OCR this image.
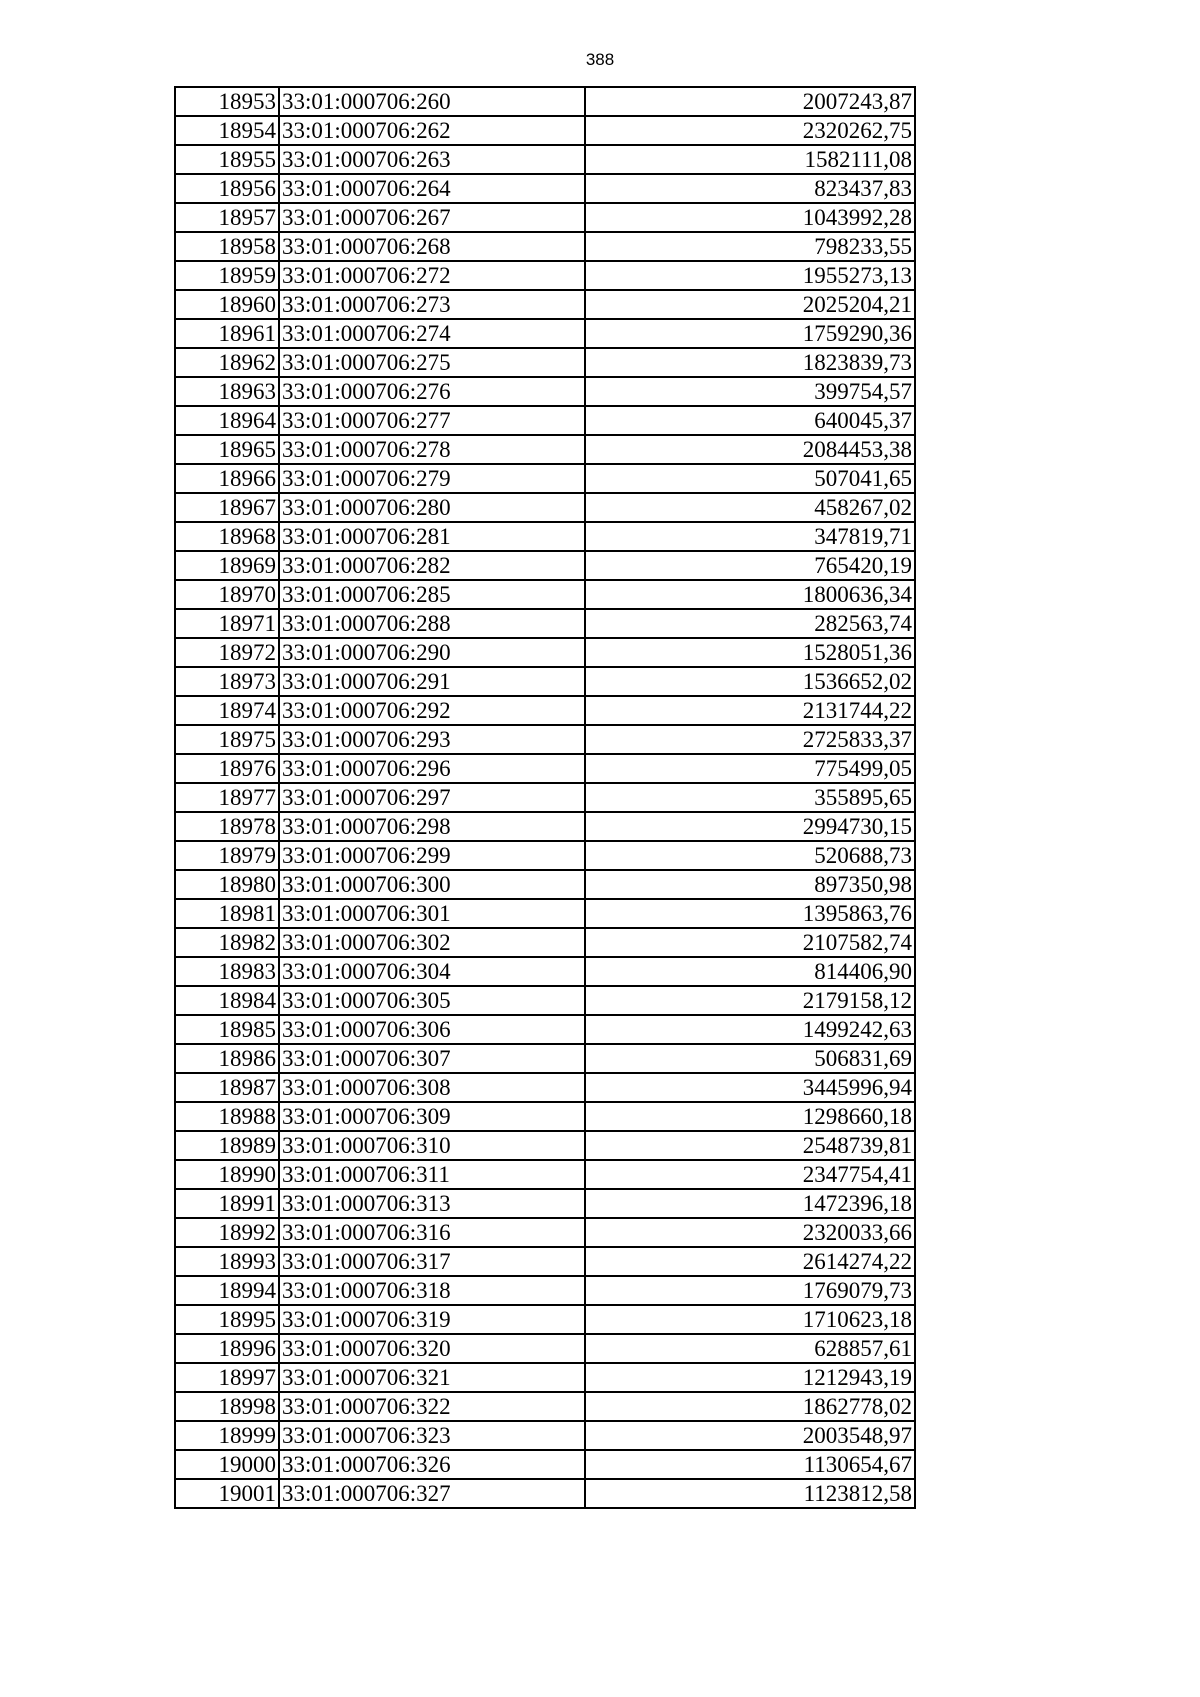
388
18953	33:01:000706:260	2007243,87
18954	33:01:000706:262	2320262,75
18955	33:01:000706:263	1582111,08
18956	33:01:000706:264	823437,83
18957	33:01:000706:267	1043992,28
18958	33:01:000706:268	798233,55
18959	33:01:000706:272	1955273,13
18960	33:01:000706:273	2025204,21
18961	33:01:000706:274	1759290,36
18962	33:01:000706:275	1823839,73
18963	33:01:000706:276	399754,57
18964	33:01:000706:277	640045,37
18965	33:01:000706:278	2084453,38
18966	33:01:000706:279	507041,65
18967	33:01:000706:280	458267,02
18968	33:01:000706:281	347819,71
18969	33:01:000706:282	765420,19
18970	33:01:000706:285	1800636,34
18971	33:01:000706:288	282563,74
18972	33:01:000706:290	1528051,36
18973	33:01:000706:291	1536652,02
18974	33:01:000706:292	2131744,22
18975	33:01:000706:293	2725833,37
18976	33:01:000706:296	775499,05
18977	33:01:000706:297	355895,65
18978	33:01:000706:298	2994730,15
18979	33:01:000706:299	520688,73
18980	33:01:000706:300	897350,98
18981	33:01:000706:301	1395863,76
18982	33:01:000706:302	2107582,74
18983	33:01:000706:304	814406,90
18984	33:01:000706:305	2179158,12
18985	33:01:000706:306	1499242,63
18986	33:01:000706:307	506831,69
18987	33:01:000706:308	3445996,94
18988	33:01:000706:309	1298660,18
18989	33:01:000706:310	2548739,81
18990	33:01:000706:311	2347754,41
18991	33:01:000706:313	1472396,18
18992	33:01:000706:316	2320033,66
18993	33:01:000706:317	2614274,22
18994	33:01:000706:318	1769079,73
18995	33:01:000706:319	1710623,18
18996	33:01:000706:320	628857,61
18997	33:01:000706:321	1212943,19
18998	33:01:000706:322	1862778,02
18999	33:01:000706:323	2003548,97
19000	33:01:000706:326	1130654,67
19001	33:01:000706:327	1123812,58
